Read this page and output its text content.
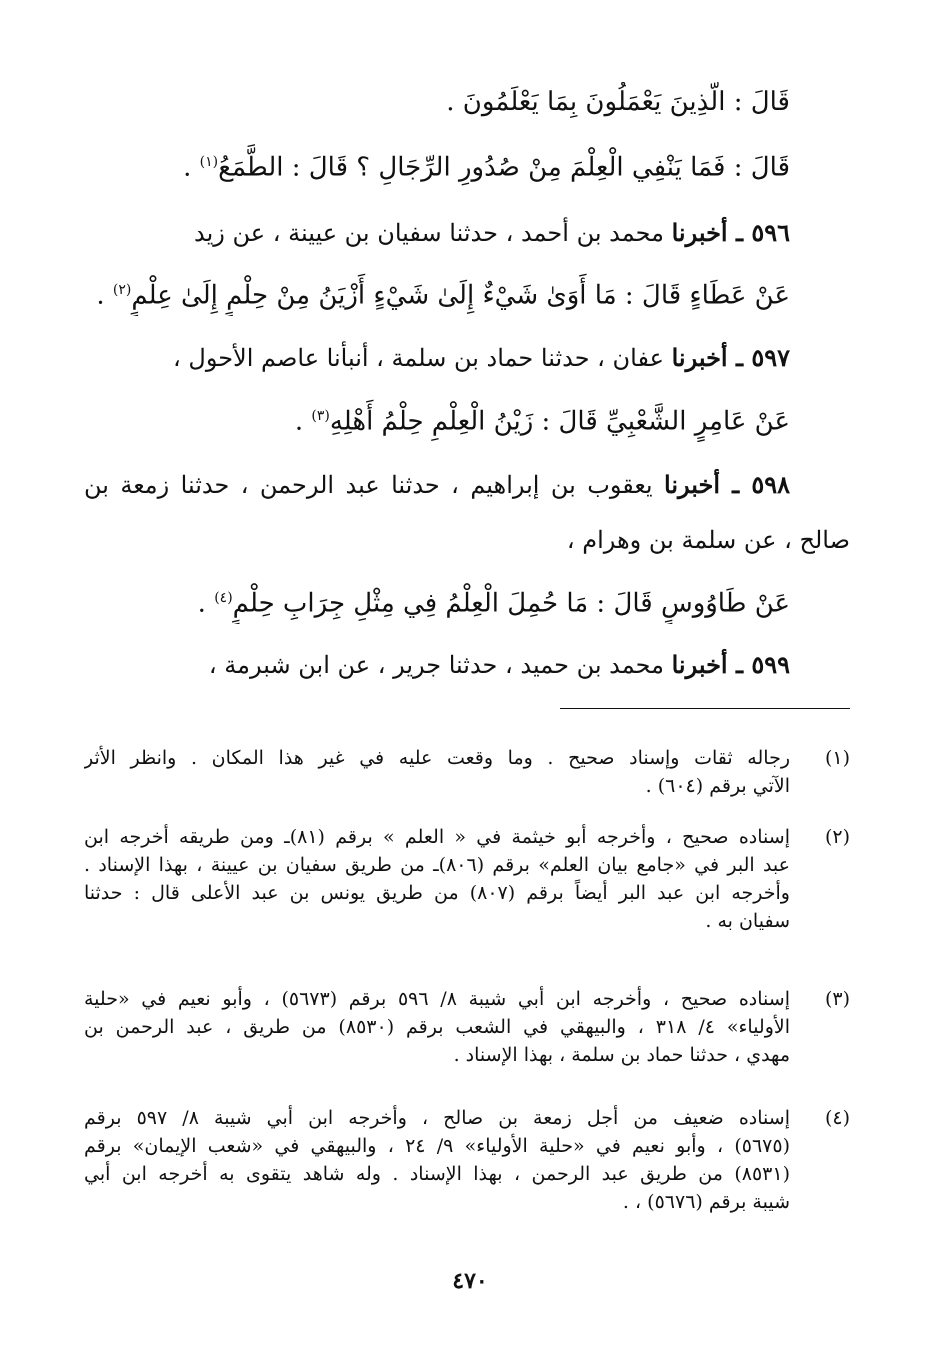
قَالَ : الَّذِينَ يَعْمَلُونَ بِمَا يَعْلَمُونَ .
قَالَ : فَمَا يَنْفِي الْعِلْمَ مِنْ صُدُورِ الرِّجَالِ ؟ قَالَ : الطَّمَعُ$^{(١)}$ .
٥٩٦ ـ أخبرنا محمد بن أحمد ، حدثنا سفيان بن عيينة ، عن زيد
عَنْ عَطَاءٍ قَالَ : مَا أَوَىٰ شَيْءٌ إِلَىٰ شَيْءٍ أَزْيَنُ مِنْ حِلْمٍ إِلَىٰ عِلْمٍ$^{(٢)}$ .
٥٩٧ ـ أخبرنا عفان ، حدثنا حماد بن سلمة ، أنبأنا عاصم الأحول ،
عَنْ عَامِرٍ الشَّعْبِيِّ قَالَ : زَيْنُ الْعِلْمِ حِلْمُ أَهْلِهِ$^{(٣)}$ .
٥٩٨ ـ أخبرنا يعقوب بن إبراهيم ، حدثنا عبد الرحمن ، حدثنا زمعة بن
صالح ، عن سلمة بن وهرام ،
عَنْ طَاوُوسٍ قَالَ : مَا حُمِلَ الْعِلْمُ فِي مِثْلِ جِرَابِ حِلْمٍ$^{(٤)}$ .
٥٩٩ ـ أخبرنا محمد بن حميد ، حدثنا جرير ، عن ابن شبرمة ،
(١)
رجاله ثقات وإسناد صحيح . وما وقعت عليه في غير هذا المكان . وانظر الأثر
الآتي برقم (٦٠٤) .
(٢)
إسناده صحيح ، وأخرجه أبو خيثمة في « العلم » برقم (٨١)ـ ومن طريقه أخرجه ابن
عبد البر في «جامع بيان العلم» برقم (٨٠٦)ـ من طريق سفيان بن عيينة ، بهذا الإسناد .
وأخرجه ابن عبد البر أيضاً برقم (٨٠٧) من طريق يونس بن عبد الأعلى قال : حدثنا
سفيان به .
(٣)
إسناده صحيح ، وأخرجه ابن أبي شيبة ٨/ ٥٩٦ برقم (٥٦٧٣) ، وأبو نعيم في «حلية
الأولياء» ٤/ ٣١٨ ، والبيهقي في الشعب برقم (٨٥٣٠) من طريق ، عبد الرحمن بن
مهدي ، حدثنا حماد بن سلمة ، بهذا الإسناد .
(٤)
إسناده ضعيف من أجل زمعة بن صالح ، وأخرجه ابن أبي شيبة ٨/ ٥٩٧ برقم
(٥٦٧٥) ، وأبو نعيم في «حلية الأولياء» ٩/ ٢٤ ، والبيهقي في «شعب الإيمان» برقم
(٨٥٣١) من طريق عبد الرحمن ، بهذا الإسناد . وله شاهد يتقوى به أخرجه ابن أبي
شيبة برقم (٥٦٧٦) ، .
٤٧٠
